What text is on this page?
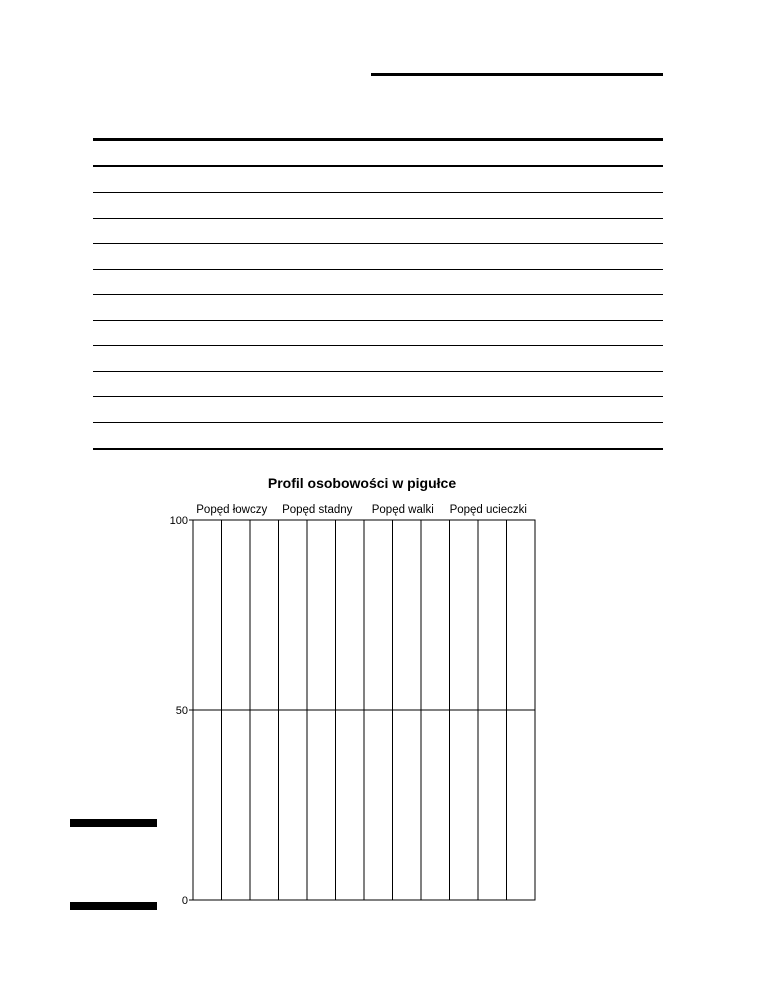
Profil osobowości w pigułce
Popęd łowczy Popęd stadny Popęd walki Popęd ucieczki
0
50
100
